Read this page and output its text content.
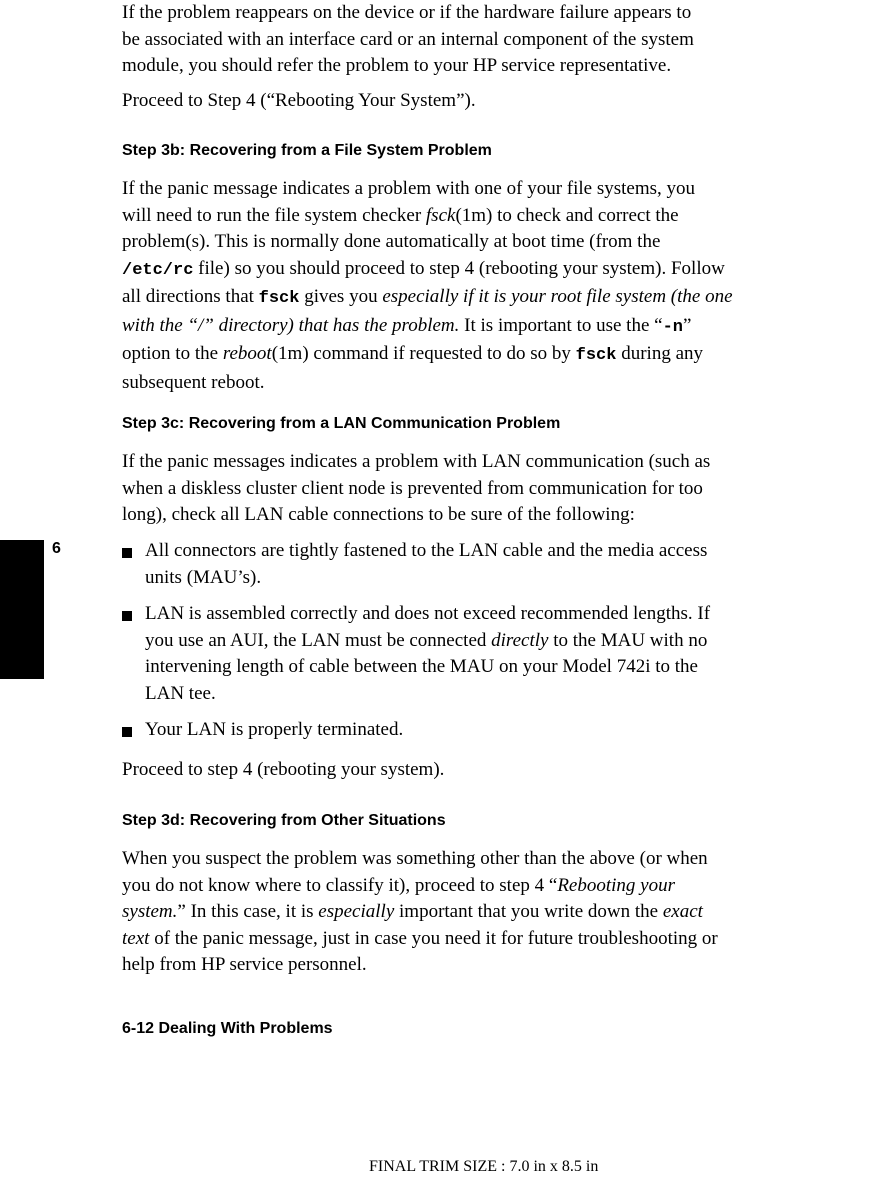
6
If the problem reappears on the device or if the hardware failure appears to
be associated with an interface card or an internal component of the system
module, you should refer the problem to your HP service representative.
Proceed to Step 4 (“Rebooting Your System”).
Step 3b: Recovering from a File System Problem
If the panic message indicates a problem with one of your file systems, you
will need to run the file system checker fsck(1m) to check and correct the
problem(s). This is normally done automatically at boot time (from the
/etc/rc file) so you should proceed to step 4 (rebooting your system). Follow
all directions that fsck gives you especially if it is your root file system (the one
with the “/” directory) that has the problem. It is important to use the “-n”
option to the reboot(1m) command if requested to do so by fsck during any
subsequent reboot.
Step 3c: Recovering from a LAN Communication Problem
If the panic messages indicates a problem with LAN communication (such as
when a diskless cluster client node is prevented from communication for too
long), check all LAN cable connections to be sure of the following:
All connectors are tightly fastened to the LAN cable and the media access
units (MAU’s).
LAN is assembled correctly and does not exceed recommended lengths. If
you use an AUI, the LAN must be connected directly to the MAU with no
intervening length of cable between the MAU on your Model 742i to the
LAN tee.
Your LAN is properly terminated.
Proceed to step 4 (rebooting your system).
Step 3d: Recovering from Other Situations
When you suspect the problem was something other than the above (or when
you do not know where to classify it), proceed to step 4 “Rebooting your
system.” In this case, it is especially important that you write down the exact
text of the panic message, just in case you need it for future troubleshooting or
help from HP service personnel.
6-12 Dealing With Problems
FINAL TRIM SIZE : 7.0 in x 8.5 in
